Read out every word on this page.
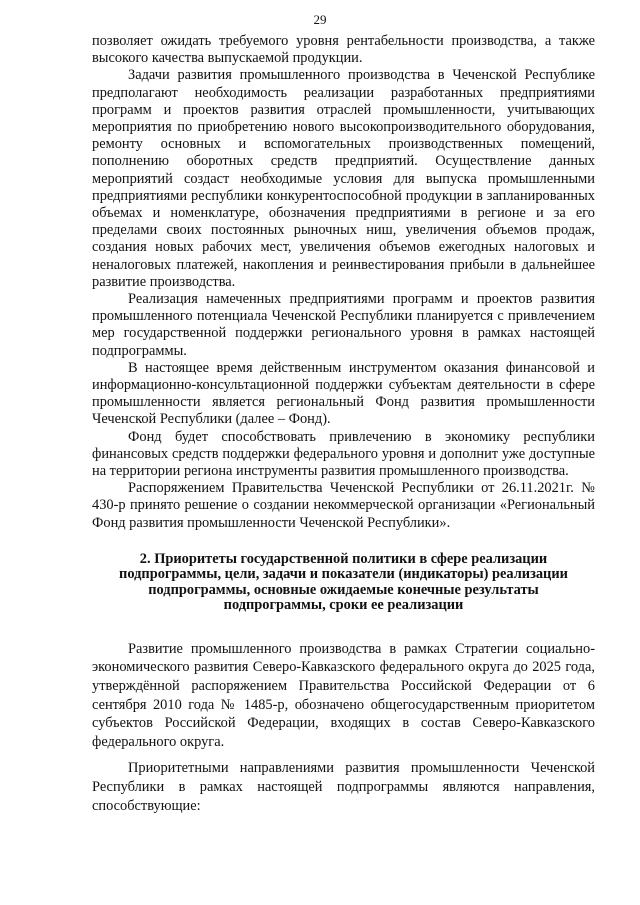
29

позволяет ожидать требуемого уровня рентабельности производства, а также высокого качества выпускаемой продукции.

Задачи развития промышленного производства в Чеченской Республике предполагают необходимость реализации разработанных предприятиями программ и проектов развития отраслей промышленности, учитывающих мероприятия по приобретению нового высокопроизводительного оборудования, ремонту основных и вспомогательных производственных помещений, пополнению оборотных средств предприятий. Осуществление данных мероприятий создаст необходимые условия для выпуска промышленными предприятиями республики конкурентоспособной продукции в запланированных объемах и номенклатуре, обозначения предприятиями в регионе и за его пределами своих постоянных рыночных ниш, увеличения объемов продаж, создания новых рабочих мест, увеличения объемов ежегодных налоговых и неналоговых платежей, накопления и реинвестирования прибыли в дальнейшее развитие производства.

Реализация намеченных предприятиями программ и проектов развития промышленного потенциала Чеченской Республики планируется с привлечением мер государственной поддержки регионального уровня в рамках настоящей подпрограммы.

В настоящее время действенным инструментом оказания финансовой и информационно-консультационной поддержки субъектам деятельности в сфере промышленности является региональный Фонд развития промышленности Чеченской Республики (далее – Фонд).

Фонд будет способствовать привлечению в экономику республики финансовых средств поддержки федерального уровня и дополнит уже доступные на территории региона инструменты развития промышленного производства.

Распоряжением Правительства Чеченской Республики от 26.11.2021г. № 430-р принято решение о создании некоммерческой организации «Региональный Фонд развития промышленности Чеченской Республики».

2. Приоритеты государственной политики в сфере реализации подпрограммы, цели, задачи и показатели (индикаторы) реализации подпрограммы, основные ожидаемые конечные результаты подпрограммы, сроки ее реализации

Развитие промышленного производства в рамках Стратегии социально-экономического развития Северо-Кавказского федерального округа до 2025 года, утверждённой распоряжением Правительства Российской Федерации от 6 сентября 2010 года № 1485-р, обозначено общегосударственным приоритетом субъектов Российской Федерации, входящих в состав Северо-Кавказского федерального округа.

Приоритетными направлениями развития промышленности Чеченской Республики в рамках настоящей подпрограммы являются направления, способствующие:
